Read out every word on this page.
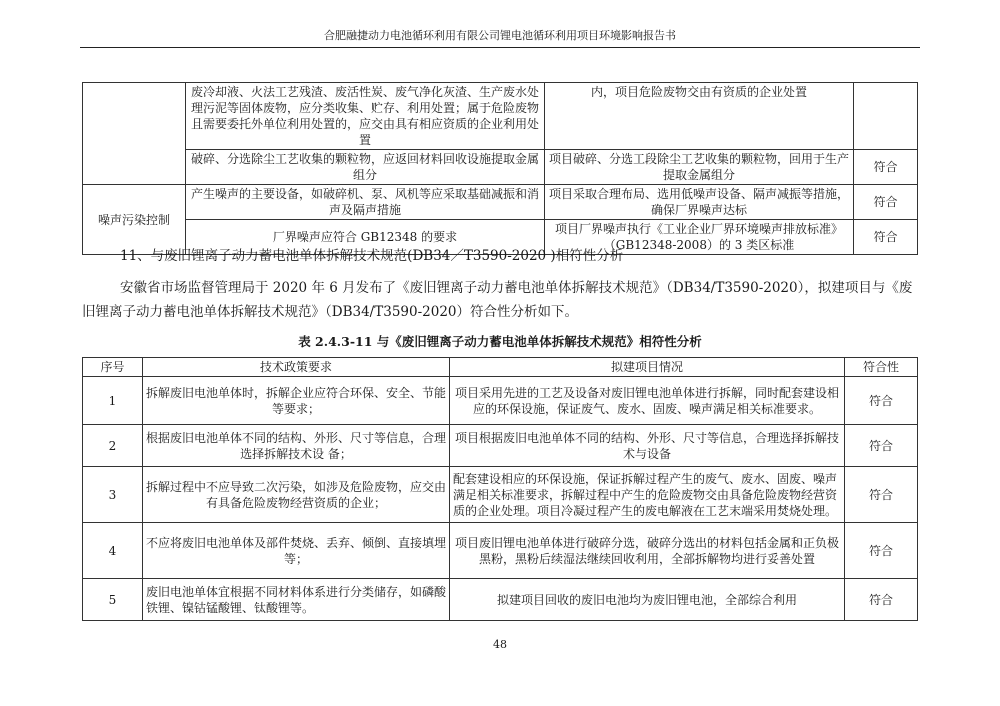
合肥融捷动力电池循环利用有限公司锂电池循环利用项目环境影响报告书
	废冷却液、火法工艺残渣、废活性炭、废气净化灰渣、生产废水处理污泥等固体废物，应分类收集、贮存、利用处置；属于危险废物且需要委托外单位利用处置的，应交由具有相应资质的企业利用处置	内，项目危险废物交由有资质的企业处置	
	破碎、分选除尘工艺收集的颗粒物，应返回材料回收设施提取金属组分	项目破碎、分选工段除尘工艺收集的颗粒物，回用于生产提取金属组分	符合
噪声污染控制	产生噪声的主要设备，如破碎机、泵、风机等应采取基础减振和消声及隔声措施	项目采取合理布局、选用低噪声设备、隔声减振等措施，确保厂界噪声达标	符合
	厂界噪声应符合 GB12348 的要求	项目厂界噪声执行《工业企业厂界环境噪声排放标准》（GB12348-2008）的 3 类区标准	符合
11、与废旧锂离子动力蓄电池单体拆解技术规范(DB34／T3590-2020 )相符性分析
安徽省市场监督管理局于 2020 年 6 月发布了《废旧锂离子动力蓄电池单体拆解技术规范》（DB34/T3590-2020），拟建项目与《废旧锂离子动力蓄电池单体拆解技术规范》（DB34/T3590-2020）符合性分析如下。
表 2.4.3-11 与《废旧锂离子动力蓄电池单体拆解技术规范》相符性分析
序号	技术政策要求	拟建项目情况	符合性
1	拆解废旧电池单体时，拆解企业应符合环保、安全、节能等要求；	项目采用先进的工艺及设备对废旧锂电池单体进行拆解，同时配套建设相应的环保设施，保证废气、废水、固废、噪声满足相关标准要求。	符合
2	根据废旧电池单体不同的结构、外形、尺寸等信息，合理选择拆解技术设 备；	项目根据废旧电池单体不同的结构、外形、尺寸等信息，合理选择拆解技术与设备	符合
3	拆解过程中不应导致二次污染，如涉及危险废物，应交由有具备危险废物经营资质的企业；	配套建设相应的环保设施，保证拆解过程产生的废气、废水、固废、噪声满足相关标准要求，拆解过程中产生的危险废物交由具备危险废物经营资质的企业处理。项目冷凝过程产生的废电解液在工艺末端采用焚烧处理。	符合
4	不应将废旧电池单体及部件焚烧、丢弃、倾倒、直接填埋等；	项目废旧锂电池单体进行破碎分选，破碎分选出的材料包括金属和正负极黑粉，黑粉后续湿法继续回收利用，全部拆解物均进行妥善处置	符合
5	废旧电池单体宜根据不同材料体系进行分类储存，如磷酸铁锂、镍钴锰酸锂、钛酸锂等。	拟建项目回收的废旧电池均为废旧锂电池，全部综合利用	符合
48
